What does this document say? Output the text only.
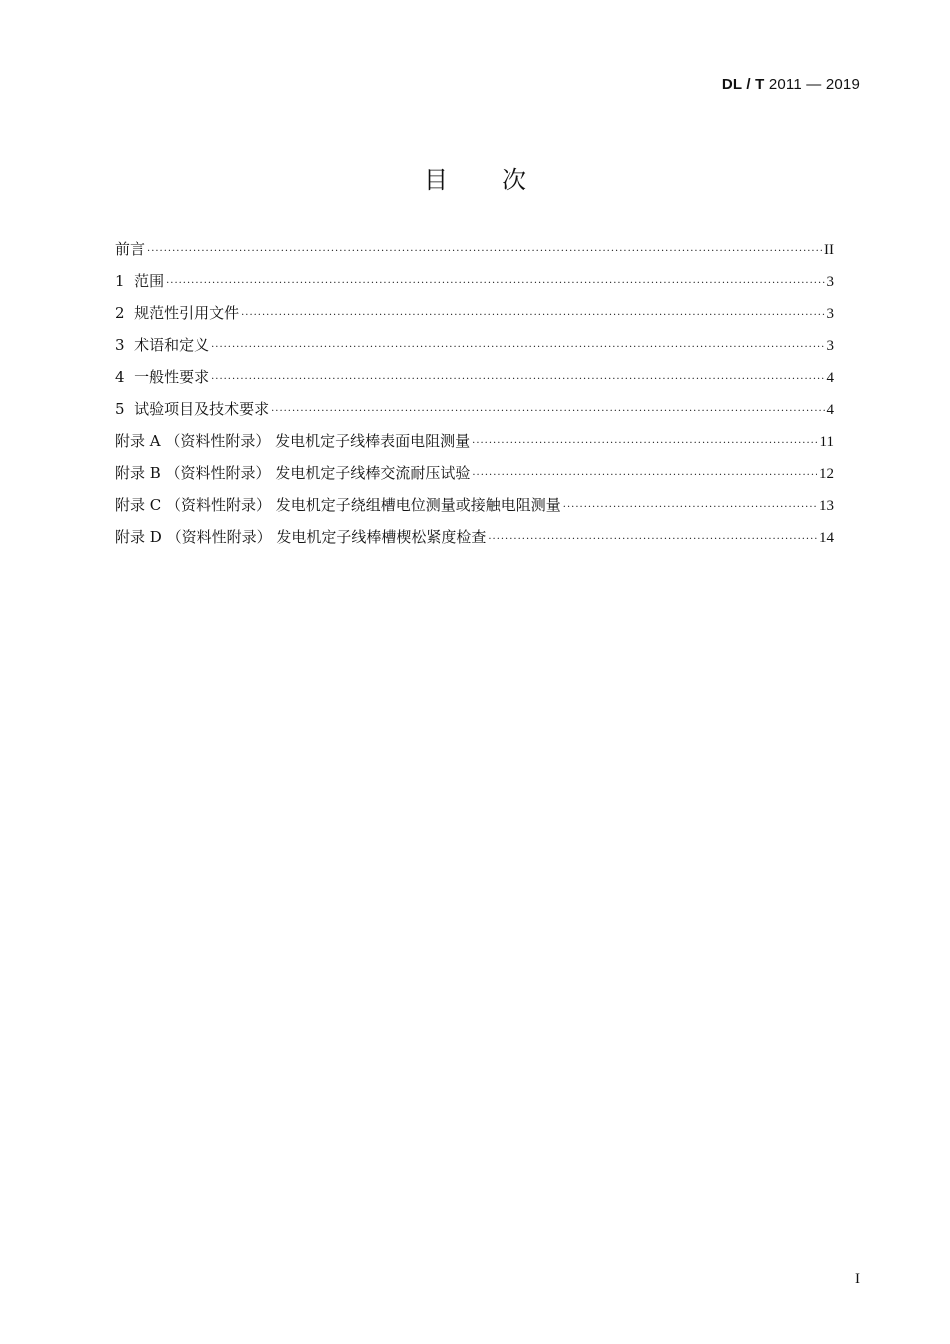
DL / T 2011 — 2019
目次
前言 ·····	II
1  范围 ·····	3
2  规范性引用文件 ·····	3
3  术语和定义 ·····	3
4  一般性要求 ·····	4
5  试验项目及技术要求 ·····	4
附录 A （资料性附录） 发电机定子线棒表面电阻测量 ·····	11
附录 B （资料性附录） 发电机定子线棒交流耐压试验 ·····	12
附录 C （资料性附录） 发电机定子绕组槽电位测量或接触电阻测量 ·····	13
附录 D （资料性附录） 发电机定子线棒槽楔松紧度检查 ·····	14
I
